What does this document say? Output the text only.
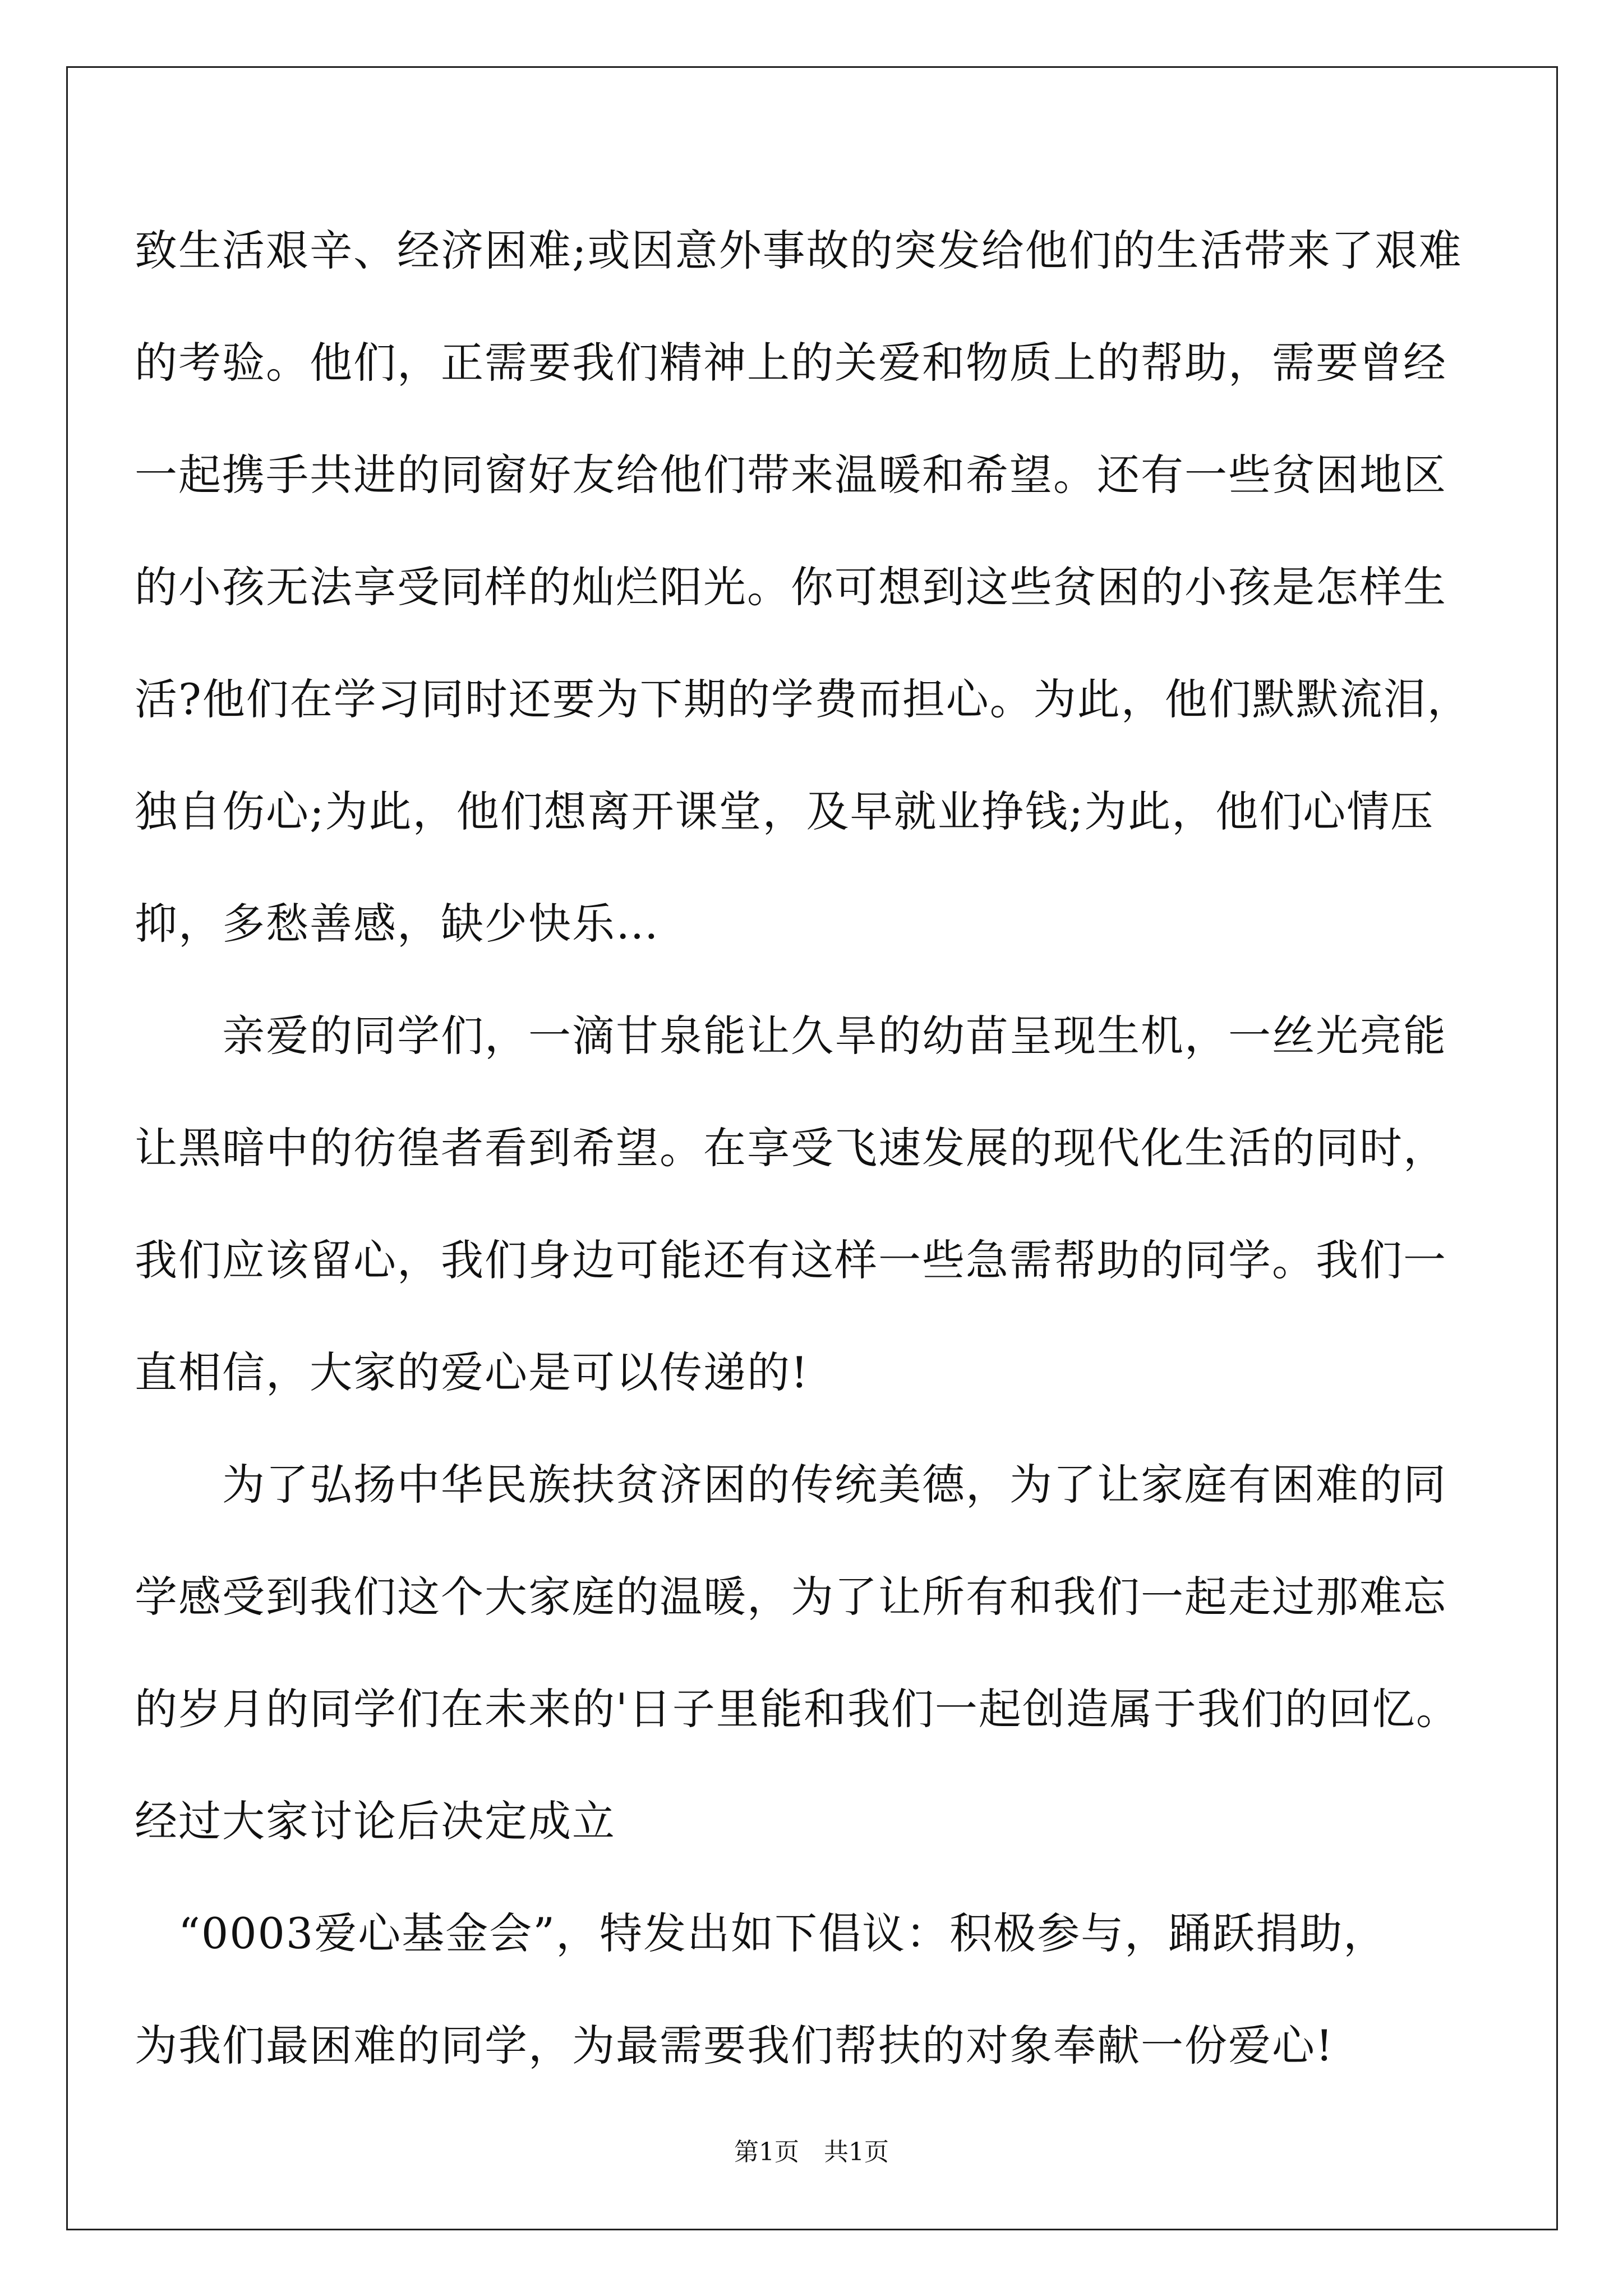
致生活艰辛、经济困难;或因意外事故的突发给他们的生活带来了艰难
的考验。他们，正需要我们精神上的关爱和物质上的帮助，需要曾经
一起携手共进的同窗好友给他们带来温暖和希望。还有一些贫困地区
的小孩无法享受同样的灿烂阳光。你可想到这些贫困的小孩是怎样生
活?他们在学习同时还要为下期的学费而担心。为此，他们默默流泪，
独自伤心;为此，他们想离开课堂，及早就业挣钱;为此，他们心情压
抑，多愁善感，缺少快乐…
　　亲爱的同学们，一滴甘泉能让久旱的幼苗呈现生机，一丝光亮能
让黑暗中的彷徨者看到希望。在享受飞速发展的现代化生活的同时，
我们应该留心，我们身边可能还有这样一些急需帮助的同学。我们一
直相信，大家的爱心是可以传递的!
　　为了弘扬中华民族扶贫济困的传统美德，为了让家庭有困难的同
学感受到我们这个大家庭的温暖，为了让所有和我们一起走过那难忘
的岁月的同学们在未来的'日子里能和我们一起创造属于我们的回忆。
经过大家讨论后决定成立
　“0003爱心基金会”，特发出如下倡议：积极参与，踊跃捐助，
为我们最困难的同学，为最需要我们帮扶的对象奉献一份爱心!
第1页　共1页
